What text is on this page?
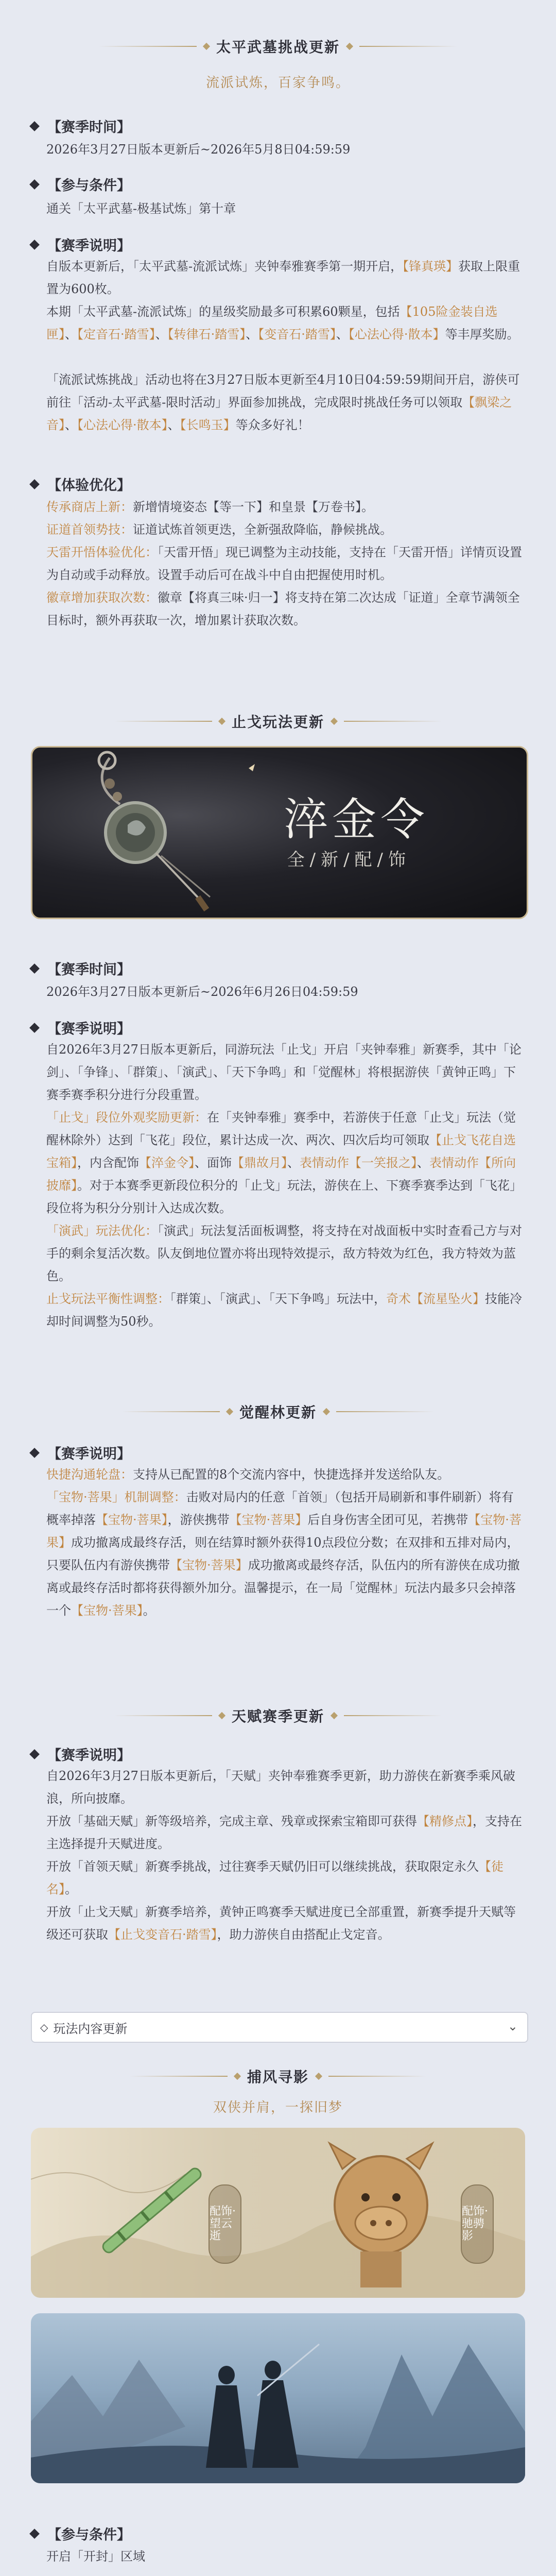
太平武墓挑战更新
流派试炼，百家争鸣。
【赛季时间】

2026年3月27日版本更新后~2026年5月8日04:59:59

【参与条件】

通关「太平武墓-极基试炼」第十章

【赛季说明】

自版本更新后，「太平武墓-流派试炼」夹钟奉雅赛季第一期开启，【锋真瑛】获取上限重置为600枚。

本期「太平武墓-流派试炼」的星级奖励最多可积累60颗星，包括【105险金装自选匣】、【定音石·踏雪】、【转律石·踏雪】、【变音石·踏雪】、【心法心得·散本】等丰厚奖励。

「流派试炼挑战」活动也将在3月27日版本更新至4月10日04:59:59期间开启，游侠可前往「活动-太平武墓-限时活动」界面参加挑战，完成限时挑战任务可以领取【飘梁之音】、【心法心得·散本】、【长鸣玉】等众多好礼！

【体验优化】

传承商店上新：新增情境姿态【等一下】和皇景【万卷书】。

证道首领势技：证道试炼首领更迭，全新强敌降临，静候挑战。

天雷开悟体验优化：「天雷开悟」现已调整为主动技能，支持在「天雷开悟」详情页设置为自动或手动释放。设置手动后可在战斗中自由把握使用时机。

徽章增加获取次数：徽章【将真三味·归一】将支持在第二次达成「证道」全章节满领全目标时，额外再获取一次，增加累计获取次数。

止戈玩法更新
淬金令
全/新/配/饰
【赛季时间】

2026年3月27日版本更新后~2026年6月26日04:59:59

【赛季说明】

自2026年3月27日版本更新后，同游玩法「止戈」开启「夹钟奉雅」新赛季，其中「论剑」、「争锋」、「群策」、「演武」、「天下争鸣」和「觉醒林」将根据游侠「黄钟正鸣」下赛季赛季积分进行分段重置。

「止戈」段位外观奖励更新：在「夹钟奉雅」赛季中，若游侠于任意「止戈」玩法（觉醒林除外）达到「飞花」段位，累计达成一次、两次、四次后均可领取【止戈飞花自选宝箱】，内含配饰【淬金令】、面饰【鼎故月】、表情动作【一笑报之】、表情动作【所向披靡】。对于本赛季更新段位积分的「止戈」玩法，游侠在上、下赛季赛季达到「飞花」段位将为积分分别计入达成次数。

「演武」玩法优化：「演武」玩法复活面板调整，将支持在对战面板中实时查看己方与对手的剩余复活次数。队友倒地位置亦将出现特效提示，敌方特效为红色，我方特效为蓝色。

止戈玩法平衡性调整：「群策」、「演武」、「天下争鸣」玩法中，奇术【流星坠火】技能冷却时间调整为50秒。

觉醒林更新
【赛季说明】

快捷沟通轮盘：支持从已配置的8个交流内容中，快捷选择并发送给队友。

「宝物·菩果」机制调整：击败对局内的任意「首领」（包括开局刷新和事件刷新）将有概率掉落【宝物·菩果】，游侠携带【宝物·菩果】后自身伤害全团可见，若携带【宝物·菩果】成功撤离成最终存活，则在结算时额外获得10点段位分数；在双排和五排对局内，只要队伍内有游侠携带【宝物·菩果】成功撤离或最终存活，队伍内的所有游侠在成功撤离或最终存活时都将获得额外加分。温馨提示，在一局「觉醒林」玩法内最多只会掉落一个【宝物·菩果】。

天赋赛季更新
【赛季说明】

自2026年3月27日版本更新后，「天赋」夹钟奉雅赛季更新，助力游侠在新赛季乘风破浪，所向披靡。

开放「基础天赋」新等级培养，完成主章、残章或探索宝箱即可获得【精修点】，支持在主选择提升天赋进度。

开放「首领天赋」新赛季挑战，过往赛季天赋仍旧可以继续挑战，获取限定永久【徒名】。

开放「止戈天赋」新赛季培养，黄钟正鸣赛季天赋进度已全部重置，新赛季提升天赋等级还可获取【止戈变音石·踏雪】，助力游侠自由搭配止戈定音。

◇ 玩法内容更新	⌄
捕风寻影
双侠并肩，一探旧梦
配饰·望云逝
配饰·驰骋影
【参与条件】

开启「开封」区域
